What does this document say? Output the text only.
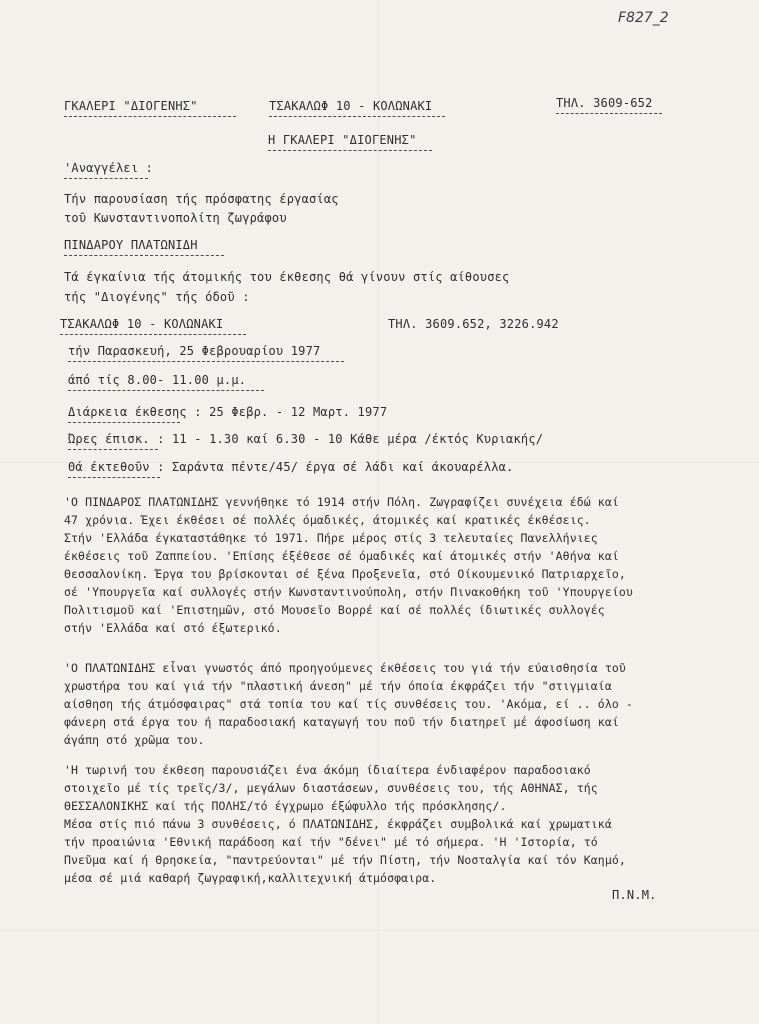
F827_2
ΓΚΑΛΕΡΙ "ΔΙΟΓΕΝΗΣ"	ΤΣΑΚΑΛΩΦ 10 - ΚΟΛΩΝΑΚΙ	ΤΗΛ. 3609-652
Η ΓΚΑΛΕΡΙ "ΔΙΟΓΕΝΗΣ"
'Αναγγέλει :
Τήν παρουσίαση τής πρόσφατης έργασίας
τοῦ Κωνσταντινοπολίτη ζωγράφου
ΠΙΝΔΑΡΟΥ ΠΛΑΤΩΝΙΔΗ
Τά έγκαίνια τής άτομικής του έκθεσης θά γίνουν στίς αίθουσες
τής "Διογένης" τής όδοῦ :
ΤΣΑΚΑΛΩΦ 10 - ΚΟΛΩΝΑΚΙ	ΤΗΛ. 3609.652, 3226.942
τήν Παρασκευή, 25 Φεβρουαρίου 1977
άπό τίς 8.00- 11.00 μ.μ.
Διάρκεια έκθεσης : 25 Φεβρ. - 12 Μαρτ. 1977
Ώρες έπισκ. : 11 - 1.30 καί 6.30 - 10 Κάθε μέρα /έκτός Κυριακής/
Θά έκτεθοῦν : Σαράντα πέντε/45/ έργα σέ λάδι καί άκουαρέλλα.

'Ο ΠΙΝΔΑΡΟΣ ΠΛΑΤΩΝΙΔΗΣ γεννήθηκε τό 1914 στήν Πόλη. Ζωγραφίζει συνέχεια έδώ καί

47 χρόνια. Έχει έκθέσει σέ πολλές όμαδικές, άτομικές καί κρατικές έκθέσεις.

Στήν 'Ελλάδα έγκαταστάθηκε τό 1971. Πήρε μέρος στίς 3 τελευταίες Πανελλήνιες

έκθέσεις τοῦ Ζαππείου. 'Επίσης έξέθεσε σέ όμαδικές καί άτομικές στήν 'Αθήνα καί

Θεσσαλονίκη. Έργα του βρίσκονται σέ ξένα Προξενεῖα, στό Οίκουμενικό Πατριαρχεῖο,

σέ 'Υπουργεῖα καί συλλογές στήν Κωνσταντινούπολη, στήν Πινακοθήκη τοῦ 'Υπουργείου

Πολιτισμοῦ καί 'Επιστημῶν, στό Μουσεῖο Βορρέ καί σέ πολλές ίδιωτικές συλλογές

στήν 'Ελλάδα καί στό έξωτερικό.

'Ο ΠΛΑΤΩΝΙΔΗΣ εἶναι γνωστός άπό προηγούμενες έκθέσεις του γιά τήν εύαισθησία τοῦ

χρωστήρα του καί γιά τήν "πλαστική άνεση" μέ τήν όποία έκφράζει τήν "στιγμιαία

αίσθηση τής άτμόσφαιρας" στά τοπία του καί τίς συνθέσεις του. 'Ακόμα, εί .. όλο -

φάνερη στά έργα του ή παραδοσιακή καταγωγή του ποῦ τήν διατηρεῖ μέ άφοσίωση καί

άγάπη στό χρῶμα του.

'Η τωρινή του έκθεση παρουσιάζει ένα άκόμη ίδιαίτερα ένδιαφέρον παραδοσιακό

στοιχεῖο μέ τίς τρεῖς/3/, μεγάλων διαστάσεων, συνθέσεις του, τής ΑΘΗΝΑΣ, τής

ΘΕΣΣΑΛΟΝΙΚΗΣ καί τής ΠΟΛΗΣ/τό έγχρωμο έξώφυλλο τής πρόσκλησης/.

Μέσα στίς πιό πάνω 3 συνθέσεις, ό ΠΛΑΤΩΝΙΔΗΣ, έκφράζει συμβολικά καί χρωματικά

τήν προαιώνια 'Εθνική παράδοση καί τήν "δένει" μέ τό σήμερα. 'Η 'Ιστορία, τό

Πνεῦμα καί ή Θρησκεία, "παντρεύονται" μέ τήν Πίστη, τήν Νοσταλγία καί τόν Καημό,

μέσα σέ μιά καθαρή ζωγραφική,καλλιτεχνική άτμόσφαιρα.

Π.Ν.Μ.
